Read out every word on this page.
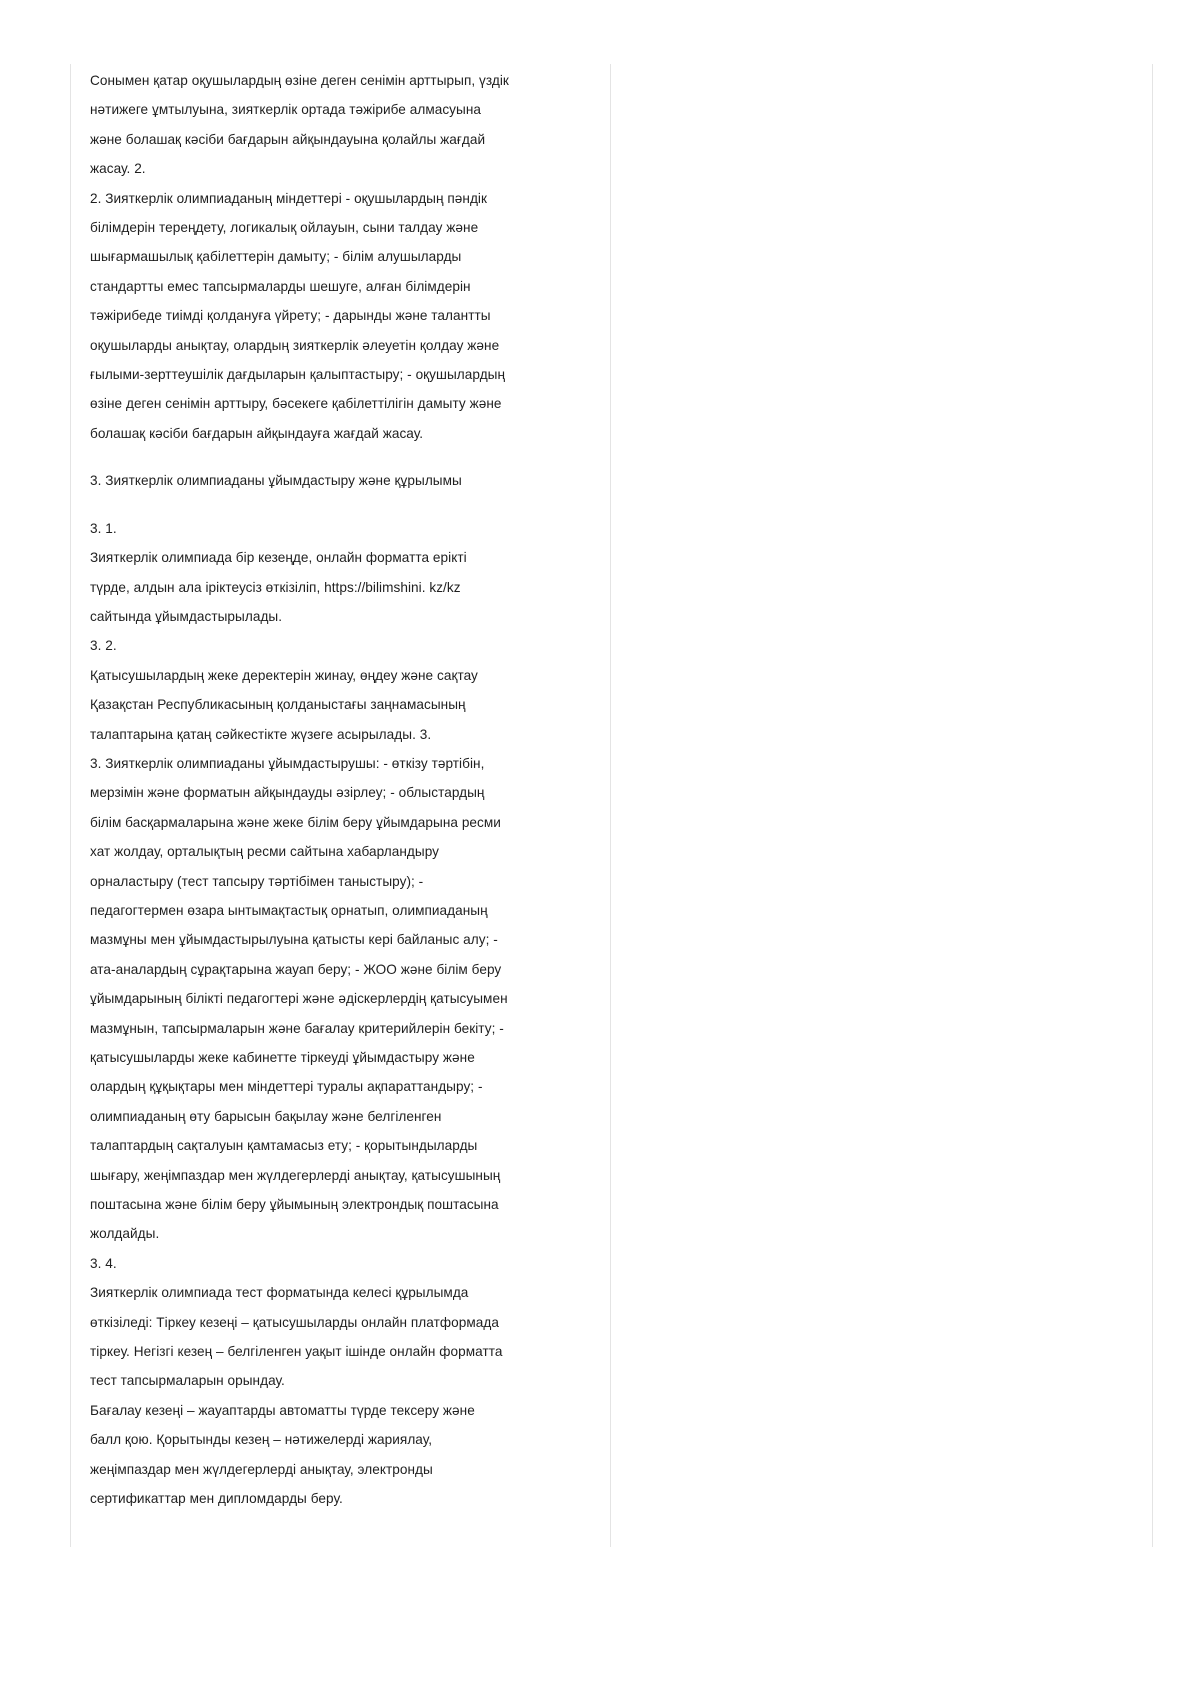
Сонымен қатар оқушылардың өзіне деген сенімін арттырып, үздік

нәтижеге ұмтылуына, зияткерлік ортада тәжірибе алмасуына

және болашақ кәсіби бағдарын айқындауына қолайлы жағдай

жасау. 2.

2. Зияткерлік олимпиаданың міндеттері - оқушылардың пәндік

білімдерін тереңдету, логикалық ойлауын, сыни талдау және

шығармашылық қабілеттерін дамыту; - білім алушыларды

стандартты емес тапсырмаларды шешуге, алған білімдерін

тәжірибеде тиімді қолдануға үйрету; - дарынды және талантты

оқушыларды анықтау, олардың зияткерлік әлеуетін қолдау және

ғылыми-зерттеушілік дағдыларын қалыптастыру; - оқушылардың

өзіне деген сенімін арттыру, бәсекеге қабілеттілігін дамыту және

болашақ кәсіби бағдарын айқындауға жағдай жасау.

3. Зияткерлік олимпиаданы ұйымдастыру және құрылымы

3. 1.

Зияткерлік олимпиада бір кезеңде, онлайн форматта ерікті

түрде, алдын ала іріктеусіз өткізіліп, https://bilimshini. kz/kz

сайтында ұйымдастырылады.

3. 2.

Қатысушылардың жеке деректерін жинау, өңдеу және сақтау

Қазақстан Республикасының қолданыстағы заңнамасының

талаптарына қатаң сәйкестікте жүзеге асырылады. 3.

3. Зияткерлік олимпиаданы ұйымдастырушы: - өткізу тәртібін,

мерзімін және форматын айқындауды әзірлеу; - облыстардың

білім басқармаларына және жеке білім беру ұйымдарына ресми

хат жолдау, орталықтың ресми сайтына хабарландыру

орналастыру (тест тапсыру тәртібімен таныстыру); -

педагогтермен өзара ынтымақтастық орнатып, олимпиаданың

мазмұны мен ұйымдастырылуына қатысты кері байланыс алу; -

ата-аналардың сұрақтарына жауап беру; - ЖОО және білім беру

ұйымдарының білікті педагогтері және әдіскерлердің қатысуымен

мазмұнын, тапсырмаларын және бағалау критерийлерін бекіту; -

қатысушыларды жеке кабинетте тіркеуді ұйымдастыру және

олардың құқықтары мен міндеттері туралы ақпараттандыру; -

олимпиаданың өту барысын бақылау және белгіленген

талаптардың сақталуын қамтамасыз ету; - қорытындыларды

шығару, жеңімпаздар мен жүлдегерлерді анықтау, қатысушының

поштасына және білім беру ұйымының электрондық поштасына

жолдайды.

3. 4.

Зияткерлік олимпиада тест форматында келесі құрылымда

өткізіледі: Тіркеу кезеңі – қатысушыларды онлайн платформада

тіркеу. Негізгі кезең – белгіленген уақыт ішінде онлайн форматта

тест тапсырмаларын орындау.

Бағалау кезеңі – жауаптарды автоматты түрде тексеру және

балл қою. Қорытынды кезең – нәтижелерді жариялау,

жеңімпаздар мен жүлдегерлерді анықтау, электронды

сертификаттар мен дипломдарды беру.
